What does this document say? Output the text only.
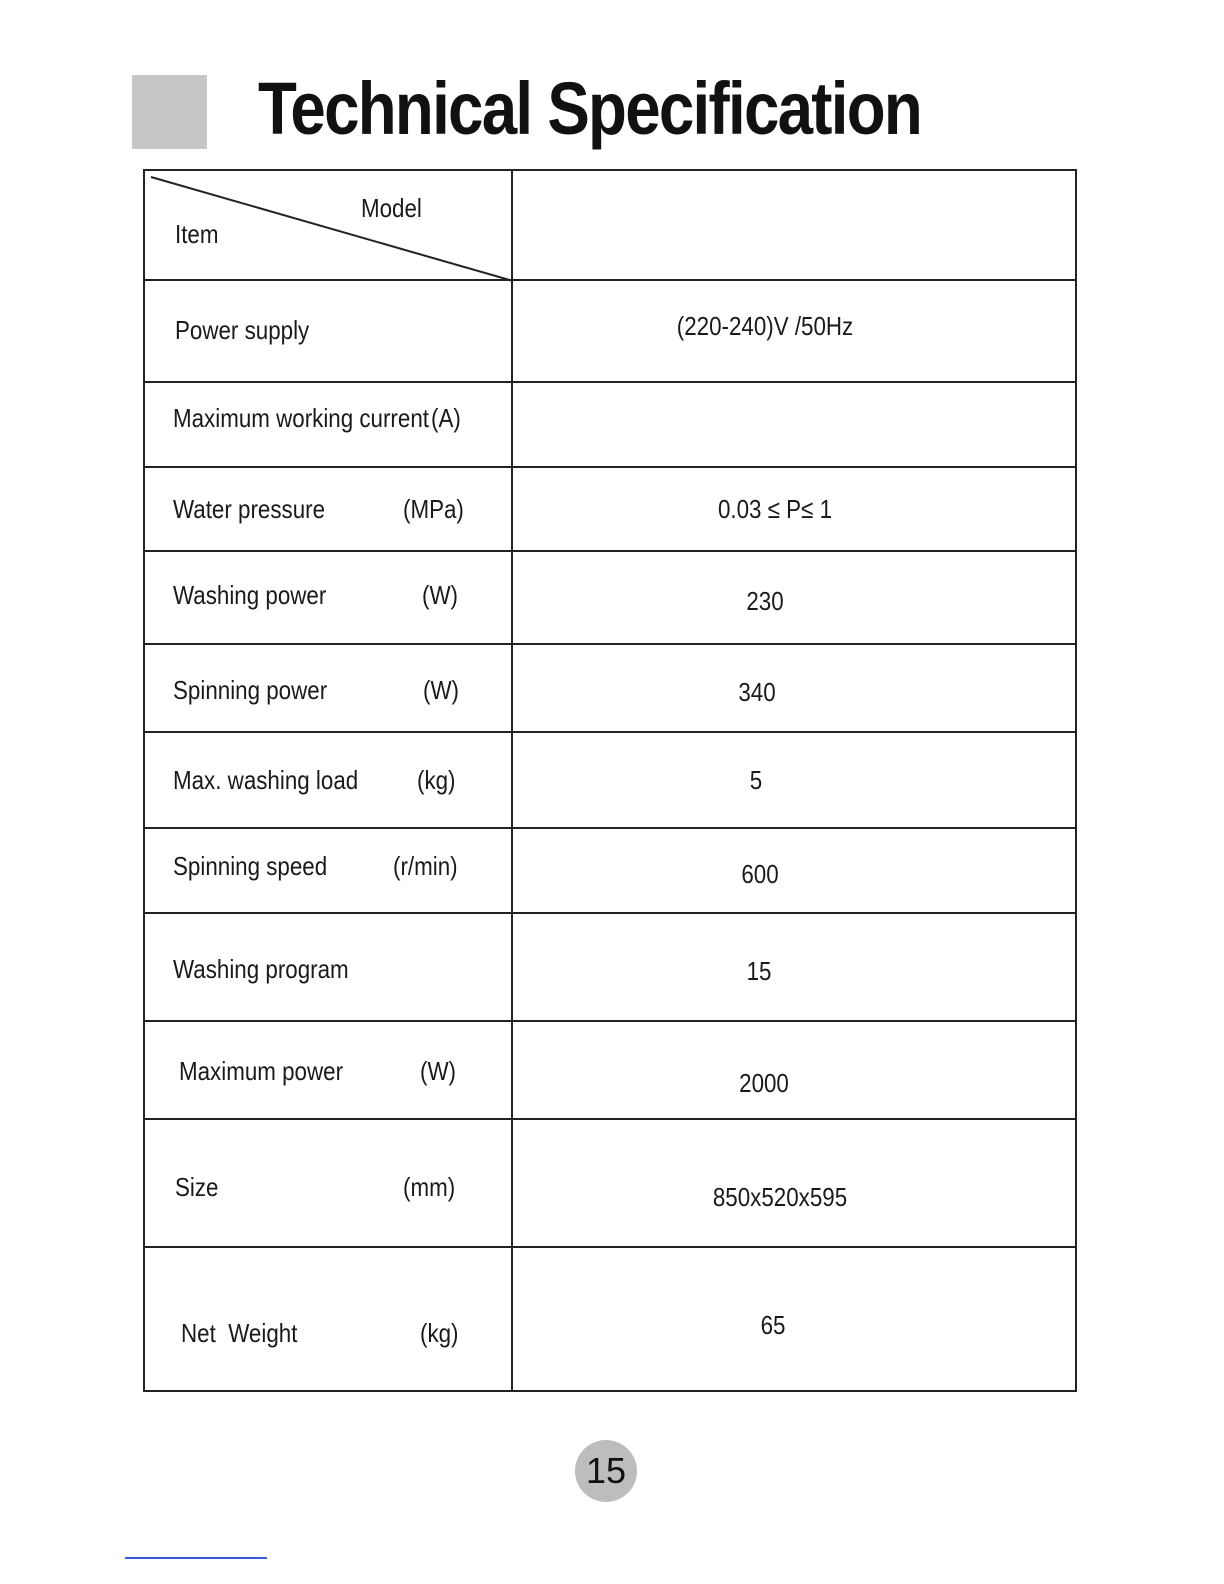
Technical Specification
Model
Item
Power supply	(220-240)V /50Hz
Maximum working current (A)
Water pressure	(MPa)	0.03 ≤ P≤ 1
Washing power	(W)	230
Spinning power	(W)	340
Max. washing load (kg)	5
Spinning speed	(r/min)	600
Washing program	15
Maximum power	(W)	2000
Size	(mm)	850x520x595
Net  Weight	(kg)	65
15
